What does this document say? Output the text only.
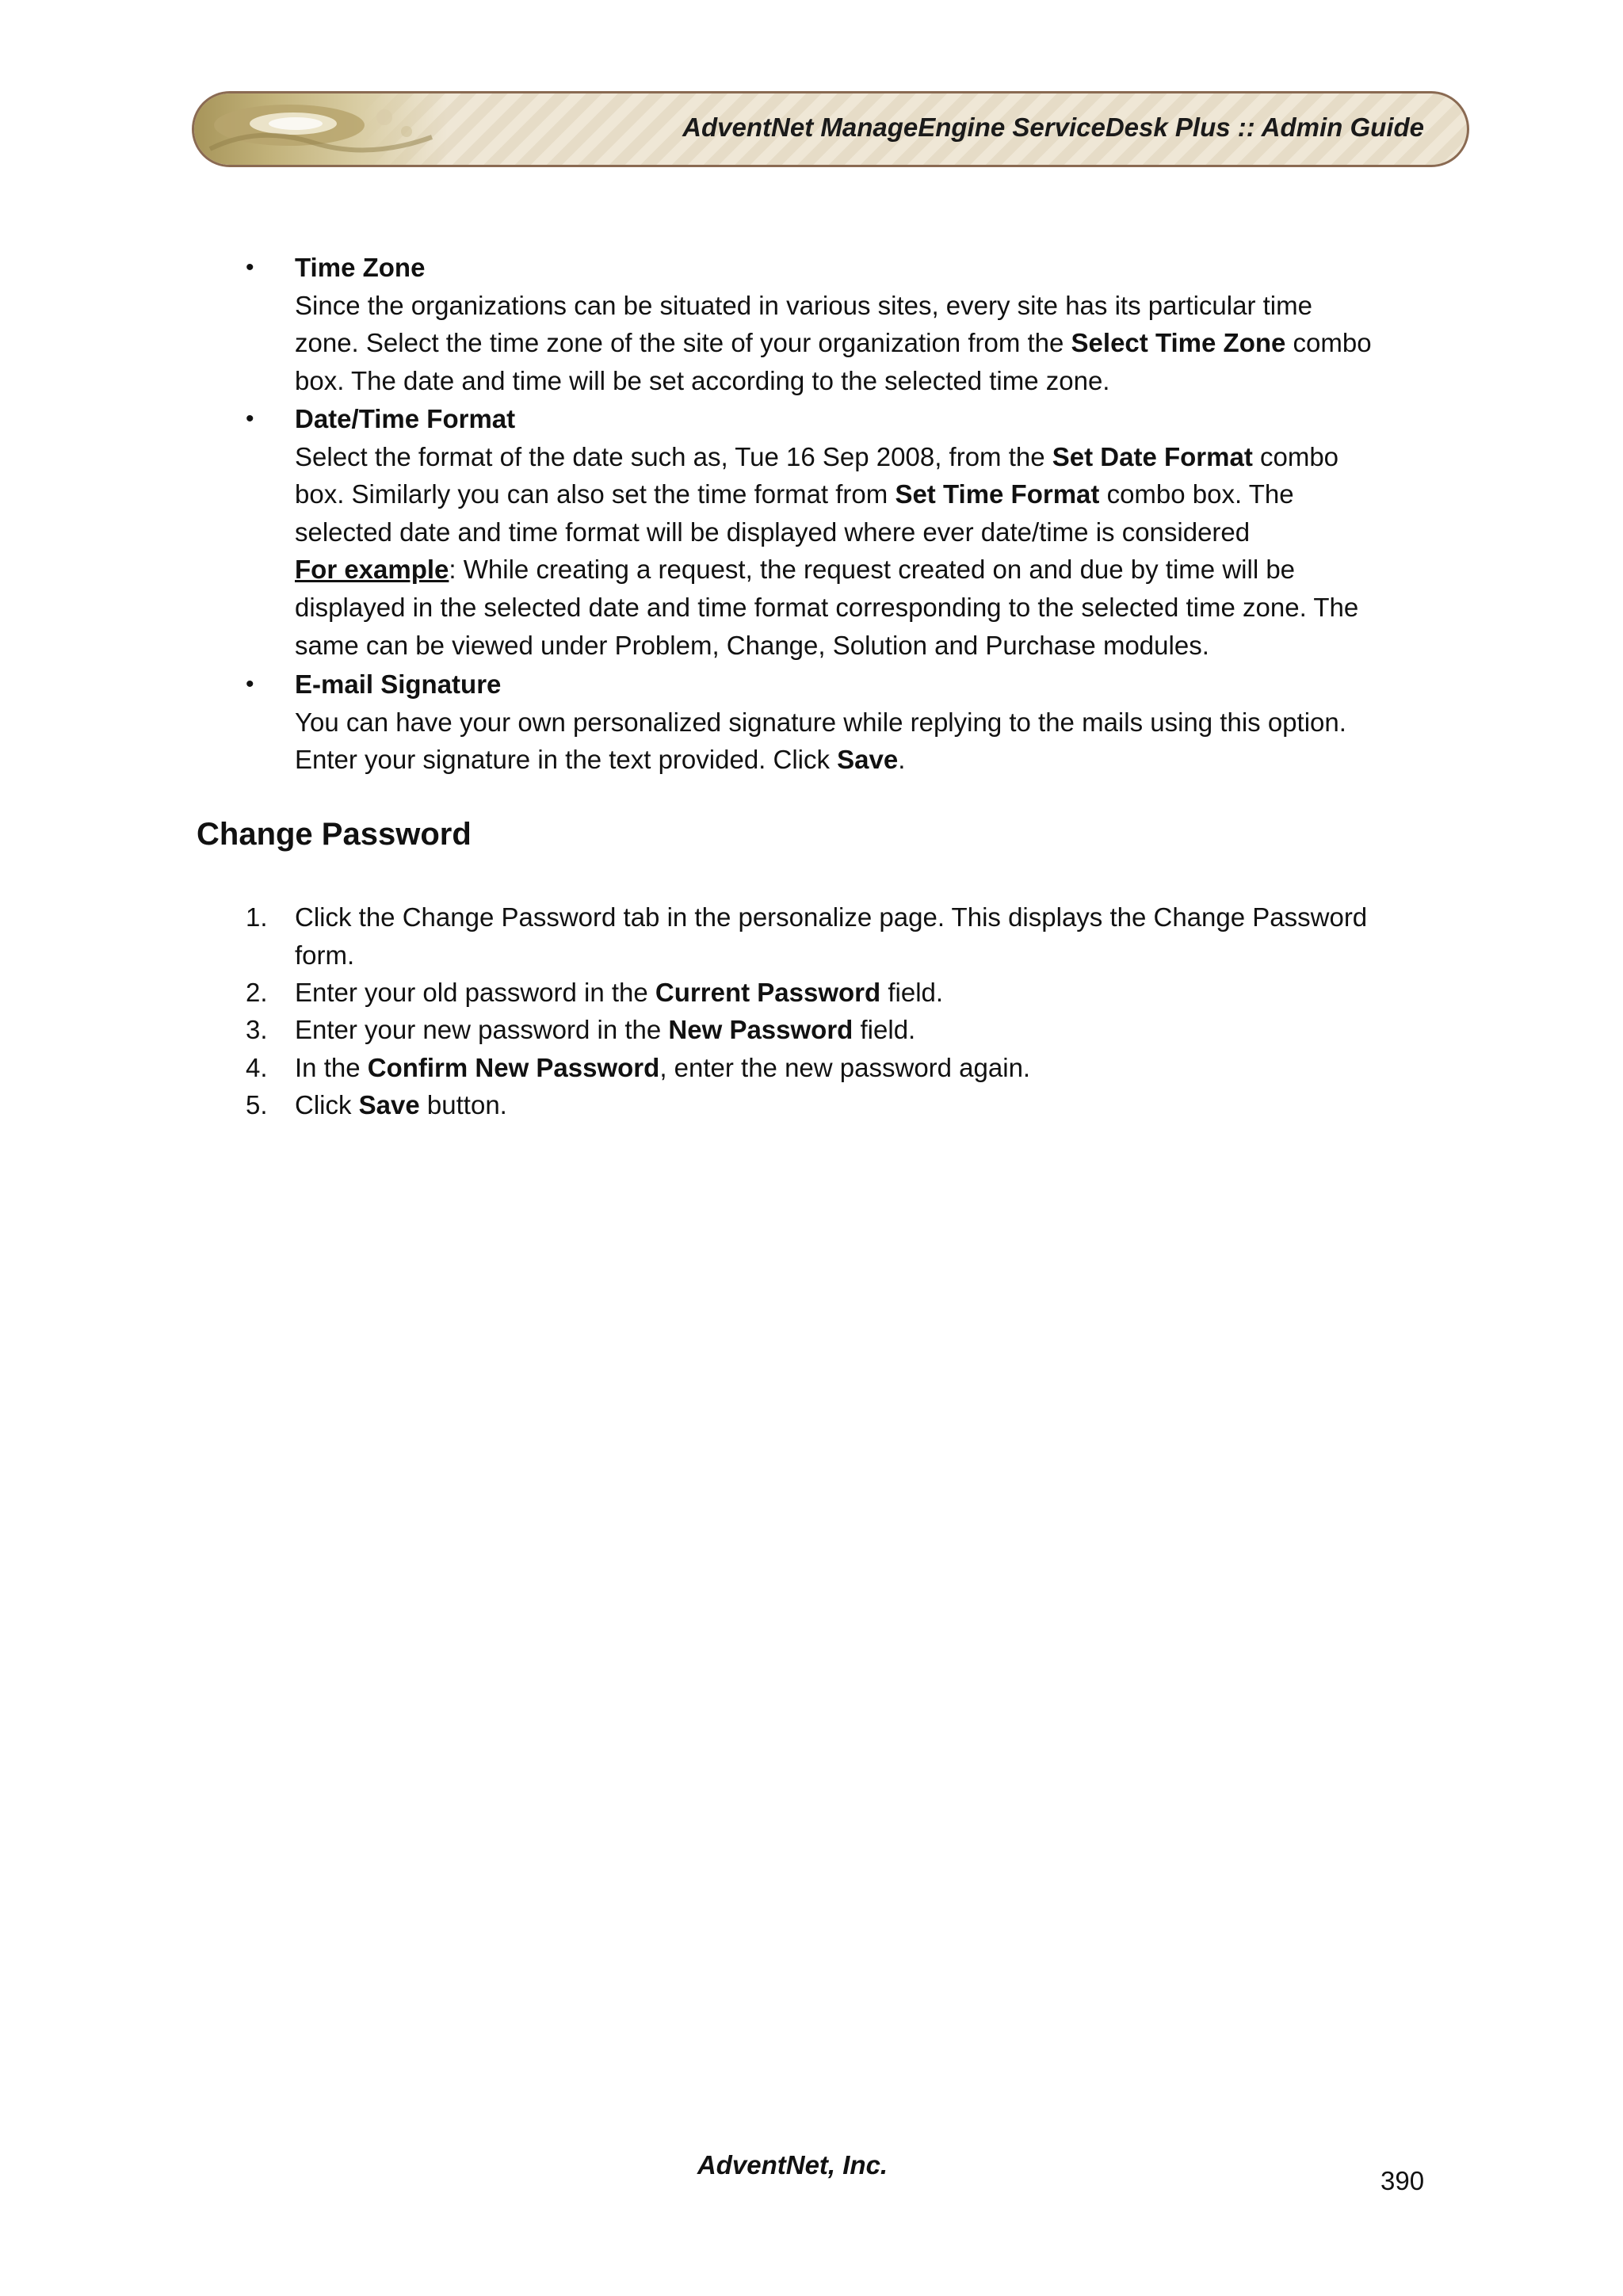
AdventNet ManageEngine ServiceDesk Plus :: Admin Guide
Change Password
• Time Zone
Since the organizations can be situated in various sites, every site has its particular time
zone. Select the time zone of the site of your organization from the Select Time Zone combo
box. The date and time will be set according to the selected time zone.
• Date/Time Format
Select the format of the date such as, Tue 16 Sep 2008, from the Set Date Format combo
box. Similarly you can also set the time format from Set Time Format combo box. The
selected date and time format will be displayed where ever date/time is considered
For example: While creating a request, the request created on and due by time will be
displayed in the selected date and time format corresponding to the selected time zone. The
same can be viewed under Problem, Change, Solution and Purchase modules.
• E-mail Signature
You can have your own personalized signature while replying to the mails using this option.
Enter your signature in the text provided. Click Save.
1. Click the Change Password tab in the personalize page. This displays the Change Password
form.
2. Enter your old password in the Current Password field.
3. Enter your new password in the New Password field.
4. In the Confirm New Password, enter the new password again.
5. Click Save button.
AdventNet, Inc.
390
